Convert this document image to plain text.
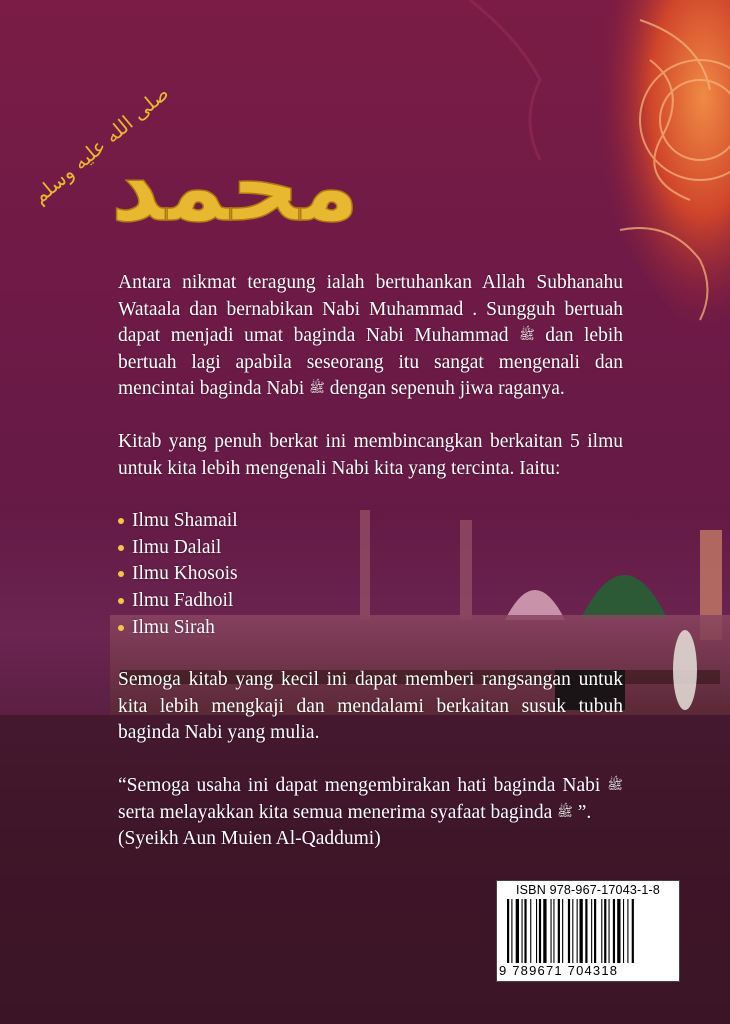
محمد
صلى الله عليه وسلم

Antara nikmat teragung ialah bertuhankan Allah Subhanahu Wataala dan bernabikan Nabi Muhammad . Sungguh bertuah dapat menjadi umat baginda Nabi Muhammad ﷺ dan lebih bertuah lagi apabila seseorang itu sangat mengenali dan mencintai baginda Nabi ﷺ dengan sepenuh jiwa raganya.

Kitab yang penuh berkat ini membincangkan berkaitan 5 ilmu untuk kita lebih mengenali Nabi kita yang tercinta. Iaitu:

Ilmu Shamail
Ilmu Dalail
Ilmu Khosois
Ilmu Fadhoil
Ilmu Sirah

Semoga kitab yang kecil ini dapat memberi rangsangan untuk kita lebih mengkaji dan mendalami berkaitan susuk tubuh baginda Nabi yang mulia.

“Semoga usaha ini dapat mengembirakan hati baginda Nabi ﷺ serta melayakkan kita semua menerima syafaat baginda ﷺ ”.
(Syeikh Aun Muien Al-Qaddumi)

ISBN 978-967-17043-1-8
9 789671 704318
